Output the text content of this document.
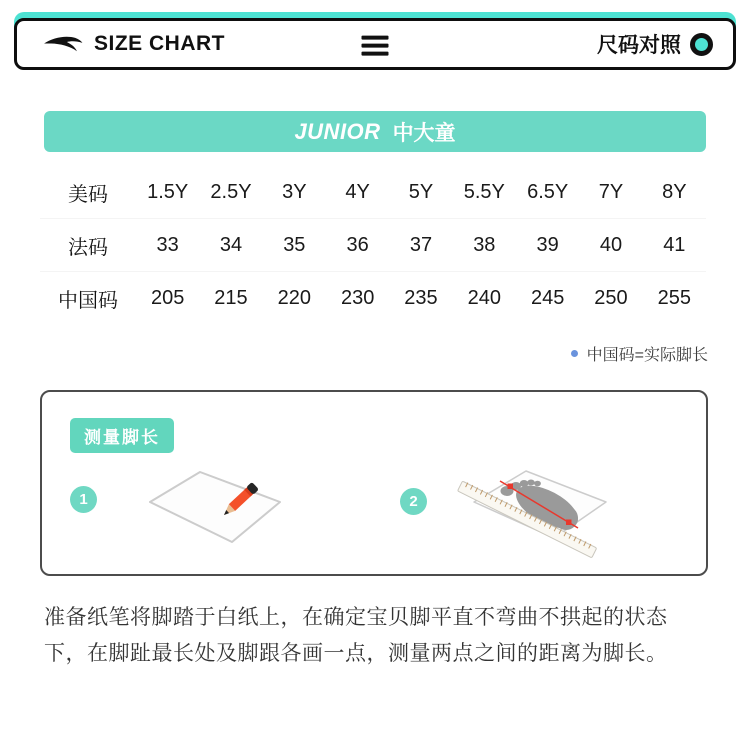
SIZE CHART	尺码对照
JUNIOR 中大童
美码	1.5Y	2.5Y	3Y	4Y	5Y	5.5Y	6.5Y	7Y	8Y
法码	33	34	35	36	37	38	39	40	41
中国码	205	215	220	230	235	240	245	250	255
中国码=实际脚长
测量脚长
1	2
准备纸笔将脚踏于白纸上，在确定宝贝脚平直不弯曲不拱起的状态下，在脚趾最长处及脚跟各画一点，测量两点之间的距离为脚长。
